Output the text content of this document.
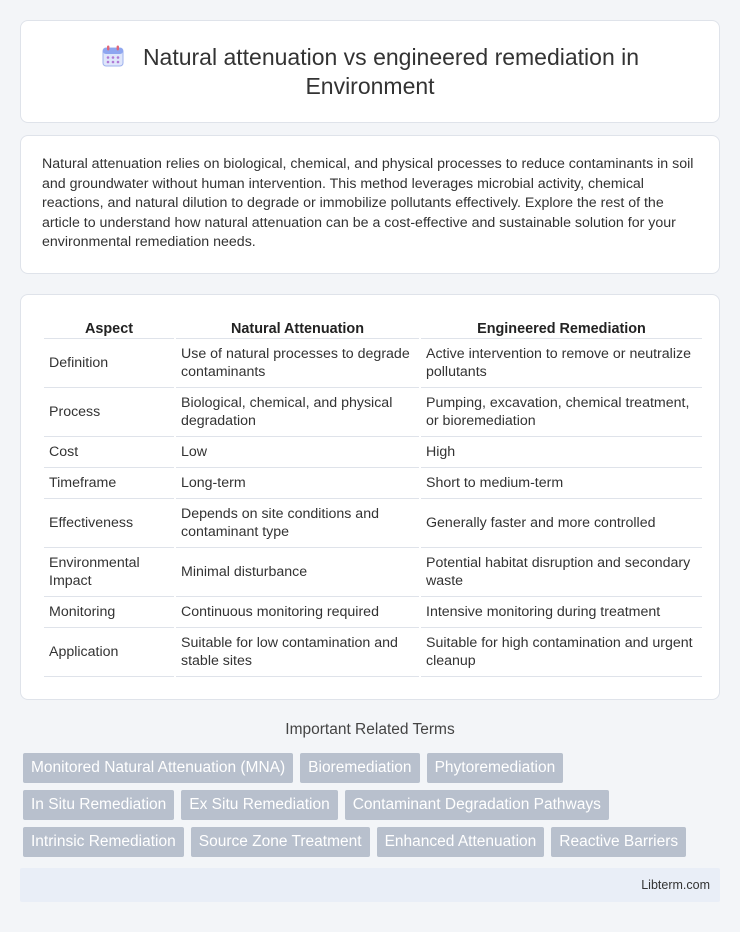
Natural attenuation vs engineered remediation in Environment

Natural attenuation relies on biological, chemical, and physical processes to reduce contaminants in soil and groundwater without human intervention. This method leverages microbial activity, chemical reactions, and natural dilution to degrade or immobilize pollutants effectively. Explore the rest of the article to understand how natural attenuation can be a cost-effective and sustainable solution for your environmental remediation needs.

Aspect	Natural Attenuation	Engineered Remediation
Definition	Use of natural processes to degrade contaminants	Active intervention to remove or neutralize pollutants
Process	Biological, chemical, and physical degradation	Pumping, excavation, chemical treatment, or bioremediation
Cost	Low	High
Timeframe	Long-term	Short to medium-term
Effectiveness	Depends on site conditions and contaminant type	Generally faster and more controlled
Environmental Impact	Minimal disturbance	Potential habitat disruption and secondary waste
Monitoring	Continuous monitoring required	Intensive monitoring during treatment
Application	Suitable for low contamination and stable sites	Suitable for high contamination and urgent cleanup
Important Related Terms
Monitored Natural Attenuation (MNA)	Bioremediation	Phytoremediation
In Situ Remediation	Ex Situ Remediation	Contaminant Degradation Pathways
Intrinsic Remediation	Source Zone Treatment	Enhanced Attenuation	Reactive Barriers
Libterm.com
